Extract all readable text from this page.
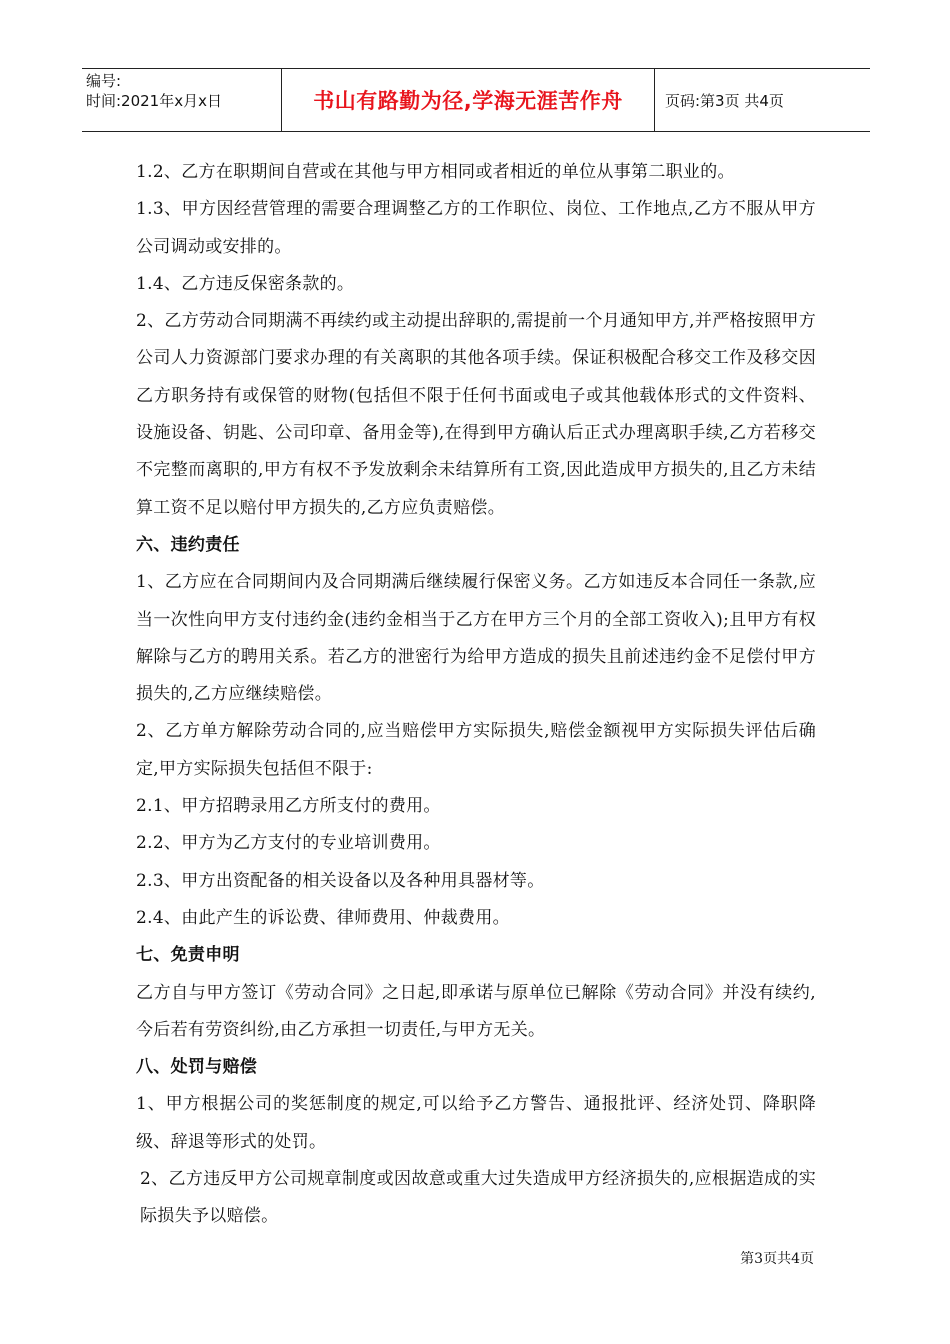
编号:
时间:2021年x月x日	书山有路勤为径,学海无涯苦作舟	页码:第3页 共4页

1.2、乙方在职期间自营或在其他与甲方相同或者相近的单位从事第二职业的。

1.3、甲方因经营管理的需要合理调整乙方的工作职位、岗位、工作地点,乙方不服从甲方公司调动或安排的。

1.4、乙方违反保密条款的。

2、乙方劳动合同期满不再续约或主动提出辞职的,需提前一个月通知甲方,并严格按照甲方公司人力资源部门要求办理的有关离职的其他各项手续。保证积极配合移交工作及移交因乙方职务持有或保管的财物(包括但不限于任何书面或电子或其他载体形式的文件资料、设施设备、钥匙、公司印章、备用金等),在得到甲方确认后正式办理离职手续,乙方若移交不完整而离职的,甲方有权不予发放剩余未结算所有工资,因此造成甲方损失的,且乙方未结算工资不足以赔付甲方损失的,乙方应负责赔偿。

六、违约责任

1、乙方应在合同期间内及合同期满后继续履行保密义务。乙方如违反本合同任一条款,应当一次性向甲方支付违约金(违约金相当于乙方在甲方三个月的全部工资收入);且甲方有权解除与乙方的聘用关系。若乙方的泄密行为给甲方造成的损失且前述违约金不足偿付甲方损失的,乙方应继续赔偿。

2、乙方单方解除劳动合同的,应当赔偿甲方实际损失,赔偿金额视甲方实际损失评估后确定,甲方实际损失包括但不限于:

2.1、甲方招聘录用乙方所支付的费用。

2.2、甲方为乙方支付的专业培训费用。

2.3、甲方出资配备的相关设备以及各种用具器材等。

2.4、由此产生的诉讼费、律师费用、仲裁费用。

七、免责申明

乙方自与甲方签订《劳动合同》之日起,即承诺与原单位已解除《劳动合同》并没有续约,今后若有劳资纠纷,由乙方承担一切责任,与甲方无关。

八、处罚与赔偿

1、甲方根据公司的奖惩制度的规定,可以给予乙方警告、通报批评、经济处罚、降职降级、辞退等形式的处罚。

2、乙方违反甲方公司规章制度或因故意或重大过失造成甲方经济损失的,应根据造成的实际损失予以赔偿。

第3页共4页
